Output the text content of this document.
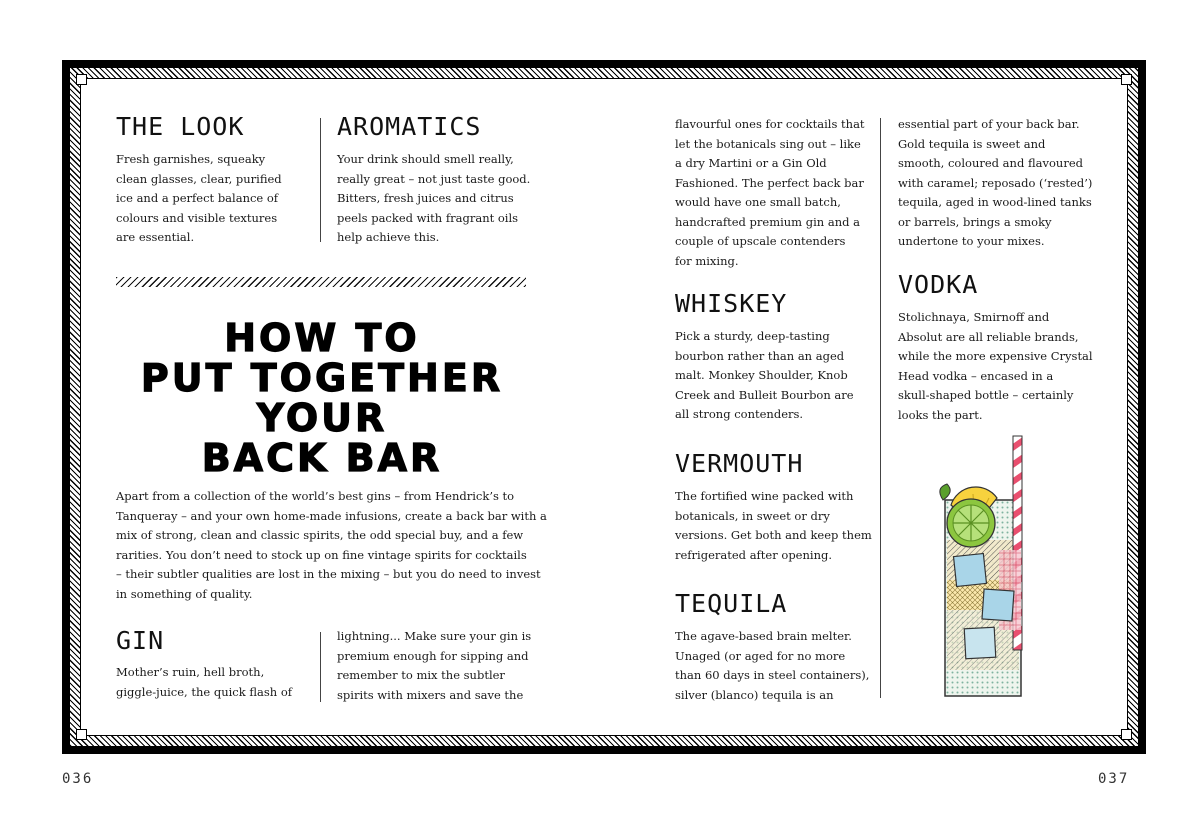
THE LOOK

Fresh garnishes, squeaky
clean glasses, clear, purified
ice and a perfect balance of
colours and visible textures
are essential.

AROMATICS

Your drink should smell really,
really great – not just taste good.
Bitters, fresh juices and citrus
peels packed with fragrant oils
help achieve this.

HOW TO
PUT TOGETHER
YOUR
BACK BAR

Apart from a collection of the world’s best gins – from Hendrick’s to
Tanqueray – and your own home-made infusions, create a back bar with a
mix of strong, clean and classic spirits, the odd special buy, and a few
rarities. You don’t need to stock up on fine vintage spirits for cocktails
– their subtler qualities are lost in the mixing – but you do need to invest
in something of quality.

GIN

Mother’s ruin, hell broth,
giggle-juice, the quick flash of

lightning... Make sure your gin is
premium enough for sipping and
remember to mix the subtler
spirits with mixers and save the

flavourful ones for cocktails that
let the botanicals sing out – like
a dry Martini or a Gin Old
Fashioned. The perfect back bar
would have one small batch,
handcrafted premium gin and a
couple of upscale contenders
for mixing.

WHISKEY

Pick a sturdy, deep-tasting
bourbon rather than an aged
malt. Monkey Shoulder, Knob
Creek and Bulleit Bourbon are
all strong contenders.

VERMOUTH

The fortified wine packed with
botanicals, in sweet or dry
versions. Get both and keep them
refrigerated after opening.

TEQUILA

The agave-based brain melter.
Unaged (or aged for no more
than 60 days in steel containers),
silver (blanco) tequila is an

essential part of your back bar.
Gold tequila is sweet and
smooth, coloured and flavoured
with caramel; reposado (‘rested’)
tequila, aged in wood-lined tanks
or barrels, brings a smoky
undertone to your mixes.

VODKA

Stolichnaya, Smirnoff and
Absolut are all reliable brands,
while the more expensive Crystal
Head vodka – encased in a
skull-shaped bottle – certainly
looks the part.

036	037
